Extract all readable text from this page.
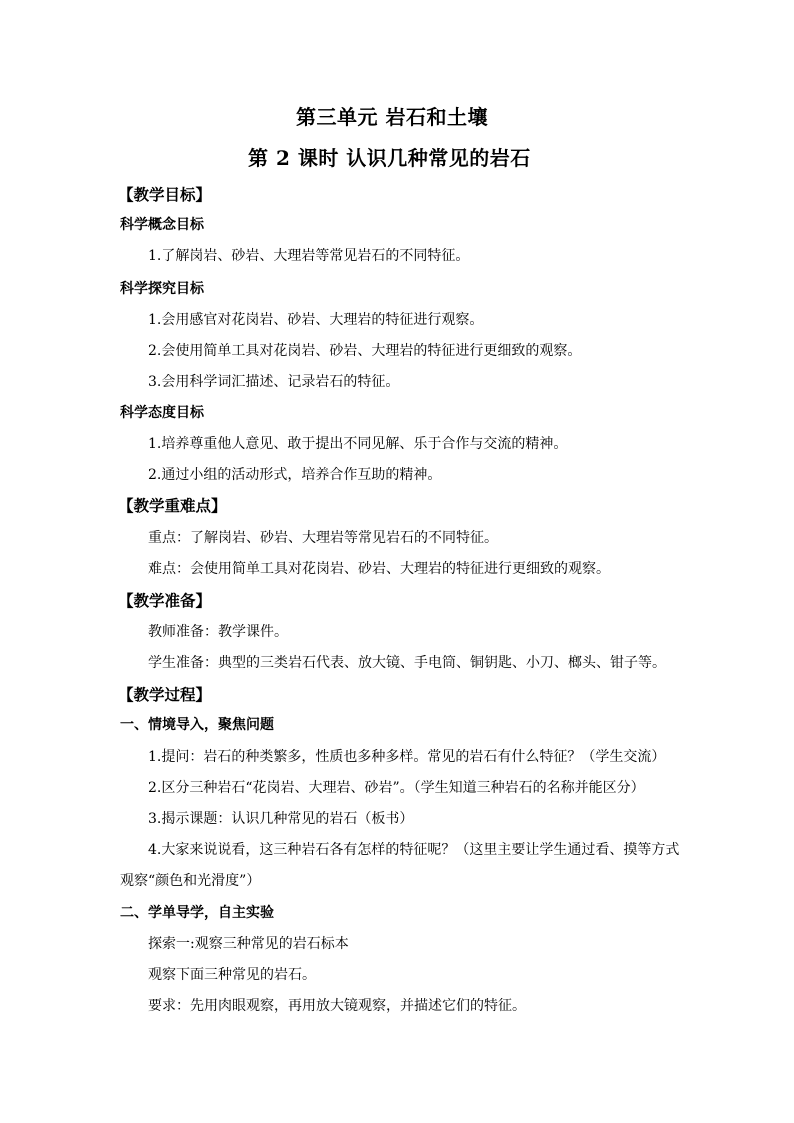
第三单元 岩石和土壤
第 2 课时 认识几种常见的岩石
【教学目标】
科学概念目标
1.了解岗岩、砂岩、大理岩等常见岩石的不同特征。
科学探究目标
1.会用感官对花岗岩、砂岩、大理岩的特征进行观察。
2.会使用简单工具对花岗岩、砂岩、大理岩的特征进行更细致的观察。
3.会用科学词汇描述、记录岩石的特征。
科学态度目标
1.培养尊重他人意见、敢于提出不同见解、乐于合作与交流的精神。
2.通过小组的活动形式，培养合作互助的精神。
【教学重难点】
重点：了解岗岩、砂岩、大理岩等常见岩石的不同特征。
难点：会使用简单工具对花岗岩、砂岩、大理岩的特征进行更细致的观察。
【教学准备】
教师准备：教学课件。
学生准备：典型的三类岩石代表、放大镜、手电筒、铜钥匙、小刀、榔头、钳子等。
【教学过程】
一、情境导入，聚焦问题
1.提问：岩石的种类繁多，性质也多种多样。常见的岩石有什么特征？（学生交流）
2.区分三种岩石“花岗岩、大理岩、砂岩”。（学生知道三种岩石的名称并能区分）
3.揭示课题：认识几种常见的岩石（板书）
4.大家来说说看，这三种岩石各有怎样的特征呢？（这里主要让学生通过看、摸等方式
观察“颜色和光滑度”）
二、学单导学，自主实验
探索一:观察三种常见的岩石标本
观察下面三种常见的岩石。
要求：先用肉眼观察，再用放大镜观察，并描述它们的特征。
